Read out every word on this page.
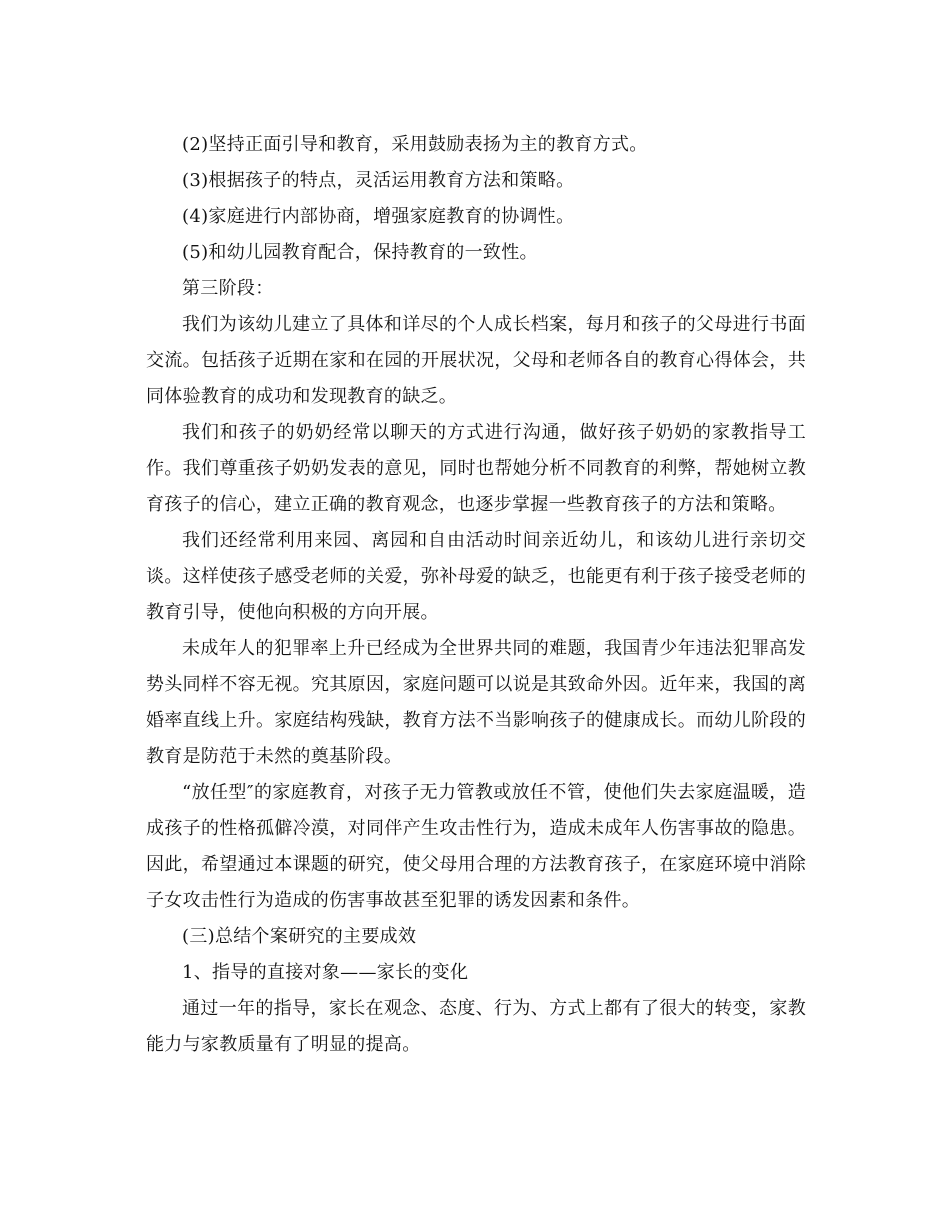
(2)坚持正面引导和教育，采用鼓励表扬为主的教育方式。

(3)根据孩子的特点，灵活运用教育方法和策略。

(4)家庭进行内部协商，增强家庭教育的协调性。

(5)和幼儿园教育配合，保持教育的一致性。

第三阶段：

我们为该幼儿建立了具体和详尽的个人成长档案，每月和孩子的父母进行书面交流。包括孩子近期在家和在园的开展状况，父母和老师各自的教育心得体会，共同体验教育的成功和发现教育的缺乏。

我们和孩子的奶奶经常以聊天的方式进行沟通，做好孩子奶奶的家教指导工作。我们尊重孩子奶奶发表的意见，同时也帮她分析不同教育的利弊，帮她树立教育孩子的信心，建立正确的教育观念，也逐步掌握一些教育孩子的方法和策略。

我们还经常利用来园、离园和自由活动时间亲近幼儿，和该幼儿进行亲切交谈。这样使孩子感受老师的关爱，弥补母爱的缺乏，也能更有利于孩子接受老师的教育引导，使他向积极的方向开展。

未成年人的犯罪率上升已经成为全世界共同的难题，我国青少年违法犯罪高发势头同样不容无视。究其原因，家庭问题可以说是其致命外因。近年来，我国的离婚率直线上升。家庭结构残缺，教育方法不当影响孩子的健康成长。而幼儿阶段的教育是防范于未然的奠基阶段。

“放任型″的家庭教育，对孩子无力管教或放任不管，使他们失去家庭温暖，造成孩子的性格孤僻冷漠，对同伴产生攻击性行为，造成未成年人伤害事故的隐患。因此，希望通过本课题的研究，使父母用合理的方法教育孩子，在家庭环境中消除子女攻击性行为造成的伤害事故甚至犯罪的诱发因素和条件。

(三)总结个案研究的主要成效

1、指导的直接对象——家长的变化

通过一年的指导，家长在观念、态度、行为、方式上都有了很大的转变，家教能力与家教质量有了明显的提高。
